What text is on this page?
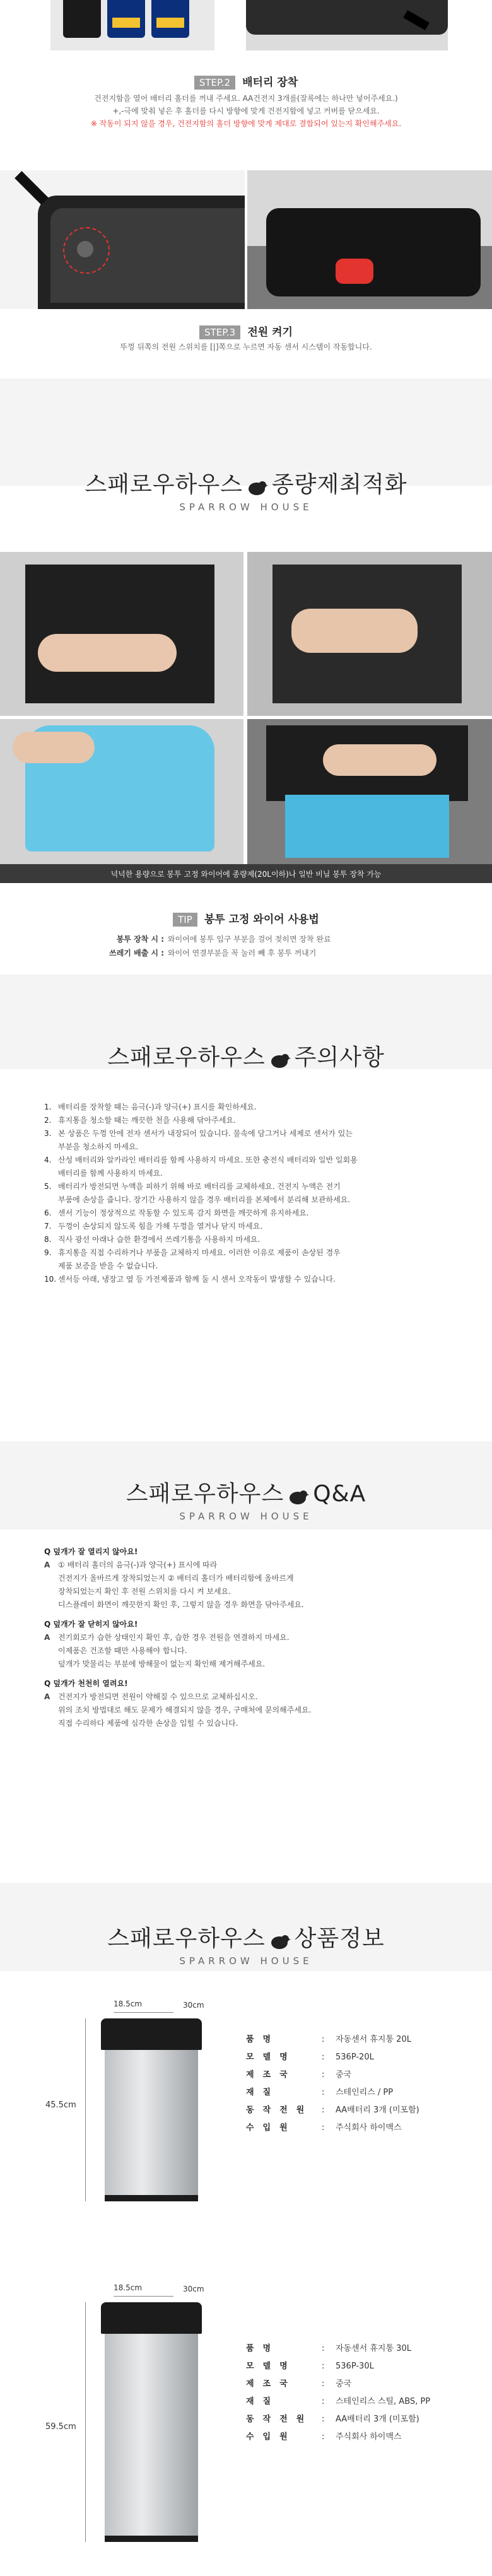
STEP.2 배터리 장착
건전지함을 열어 배터리 홀더를 꺼내 주세요. AA건전지 3개를(잘록에는 하나만 넣어주세요.)
+,-극에 맞춰 넣은 후 홀더를 다시 방향에 맞게 건전지함에 넣고 커버를 닫으세요.
※ 작동이 되지 않을 경우, 건전지함의 홀더 방향에 맞게 제대로 결합되어 있는지 확인해주세요.
STEP.3 전원 켜기
뚜껑 뒤쪽의 전원 스위치를 [|]쪽으로 누르면 자동 센서 시스템이 작동합니다.
스패로우하우스 종량제최적화
SPARROW HOUSE
넉넉한 용량으로 봉투 고정 와이어에 종량제(20L이하)나 일반 비닐 봉투 장착 가능
TIP 봉투 고정 와이어 사용법
봉투 장착 시 : 와이어에 봉투 입구 부분을 걸어 젖히면 장착 완료
쓰레기 배출 시 : 와이어 연결부분을 꼭 눌러 빼 후 봉투 꺼내기
스패로우하우스 주의사항
1. 배터리를 장착할 때는 음극(-)과 양극(+) 표시를 확인하세요.
2. 휴지통을 청소할 때는 깨끗한 천을 사용해 닦아주세요.
3. 본 상품은 두껑 안에 전자 센서가 내장되어 있습니다. 물속에 담그거나 세제로 센서가 있는
부분을 청소하지 마세요.
4. 산성 배터리와 알카라인 배터리를 함께 사용하지 마세요. 또한 충전식 배터리와 일반 일회용
배터리를 함께 사용하지 마세요.
5. 배터리가 방전되면 누액을 피하기 위해 바로 배터리를 교체하세요. 건전지 누액은 전기
부품에 손상을 줍니다. 장기간 사용하지 않을 경우 배터리를 본체에서 분리해 보관하세요.
6. 센서 기능이 정상적으로 작동할 수 있도록 감지 화면을 깨끗하게 유지하세요.
7. 두껑이 손상되지 않도록 힘을 가해 두껑을 열거나 닫지 마세요.
8. 직사 광선 아래나 습한 환경에서 쓰레기통을 사용하지 마세요.
9. 휴지통을 직접 수리하거나 부품을 교체하지 마세요. 이러한 이유로 제품이 손상된 경우
제품 보증을 받을 수 없습니다.
10. 센서등 아래, 냉장고 옆 등 가전제품과 함께 둘 시 센서 오작동이 발생할 수 있습니다.
스패로우하우스 Q&A
SPARROW HOUSE
Q 덮개가 잘 열리지 않아요!
A	① 배터리 홀더의 음극(-)과 양극(+) 표시에 따라
건전지가 올바르게 장착되었는지 ② 배터리 홀더가 배터리함에 올바르게
장착되었는지 확인 후 전원 스위치를 다시 켜 보세요.
디스플레이 화면이 깨끗한지 확인 후, 그렇지 않을 경우 화면을 닦아주세요.
Q 덮개가 잘 닫히지 않아요!
A	전기회로가 습한 상태인지 확인 후, 습한 경우 전원을 연결하지 마세요.
이제품은 건조할 때만 사용해야 합니다.
덮개가 맞물리는 부분에 방해물이 없는지 확인해 제거해주세요.
Q 덮개가 천천히 열려요!
A	건전지가 방전되면 전원이 약해질 수 있으므로 교체하십시오.
위의 조치 방법대로 해도 문제가 해결되지 않을 경우, 구매처에 문의해주세요.
직접 수리하다 제품에 심각한 손상을 입힐 수 있습니다.
스패로우하우스 상품정보
SPARROW HOUSE
18.5cm	30cm
45.5cm
품명	:	자동센서 휴지통 20L
모델명	:	536P-20L
제조국	:	중국
재질	:	스테인리스 / PP
동작전원	:	AA배터리 3개 (미포함)
수입원	:	주식회사 하이맥스
18.5cm	30cm
59.5cm
품명	:	자동센서 휴지통 30L
모델명	:	536P-30L
제조국	:	중국
재질	:	스테인리스 스틸, ABS, PP
동작전원	:	AA배터리 3개 (미포함)
수입원	:	주식회사 하이맥스
